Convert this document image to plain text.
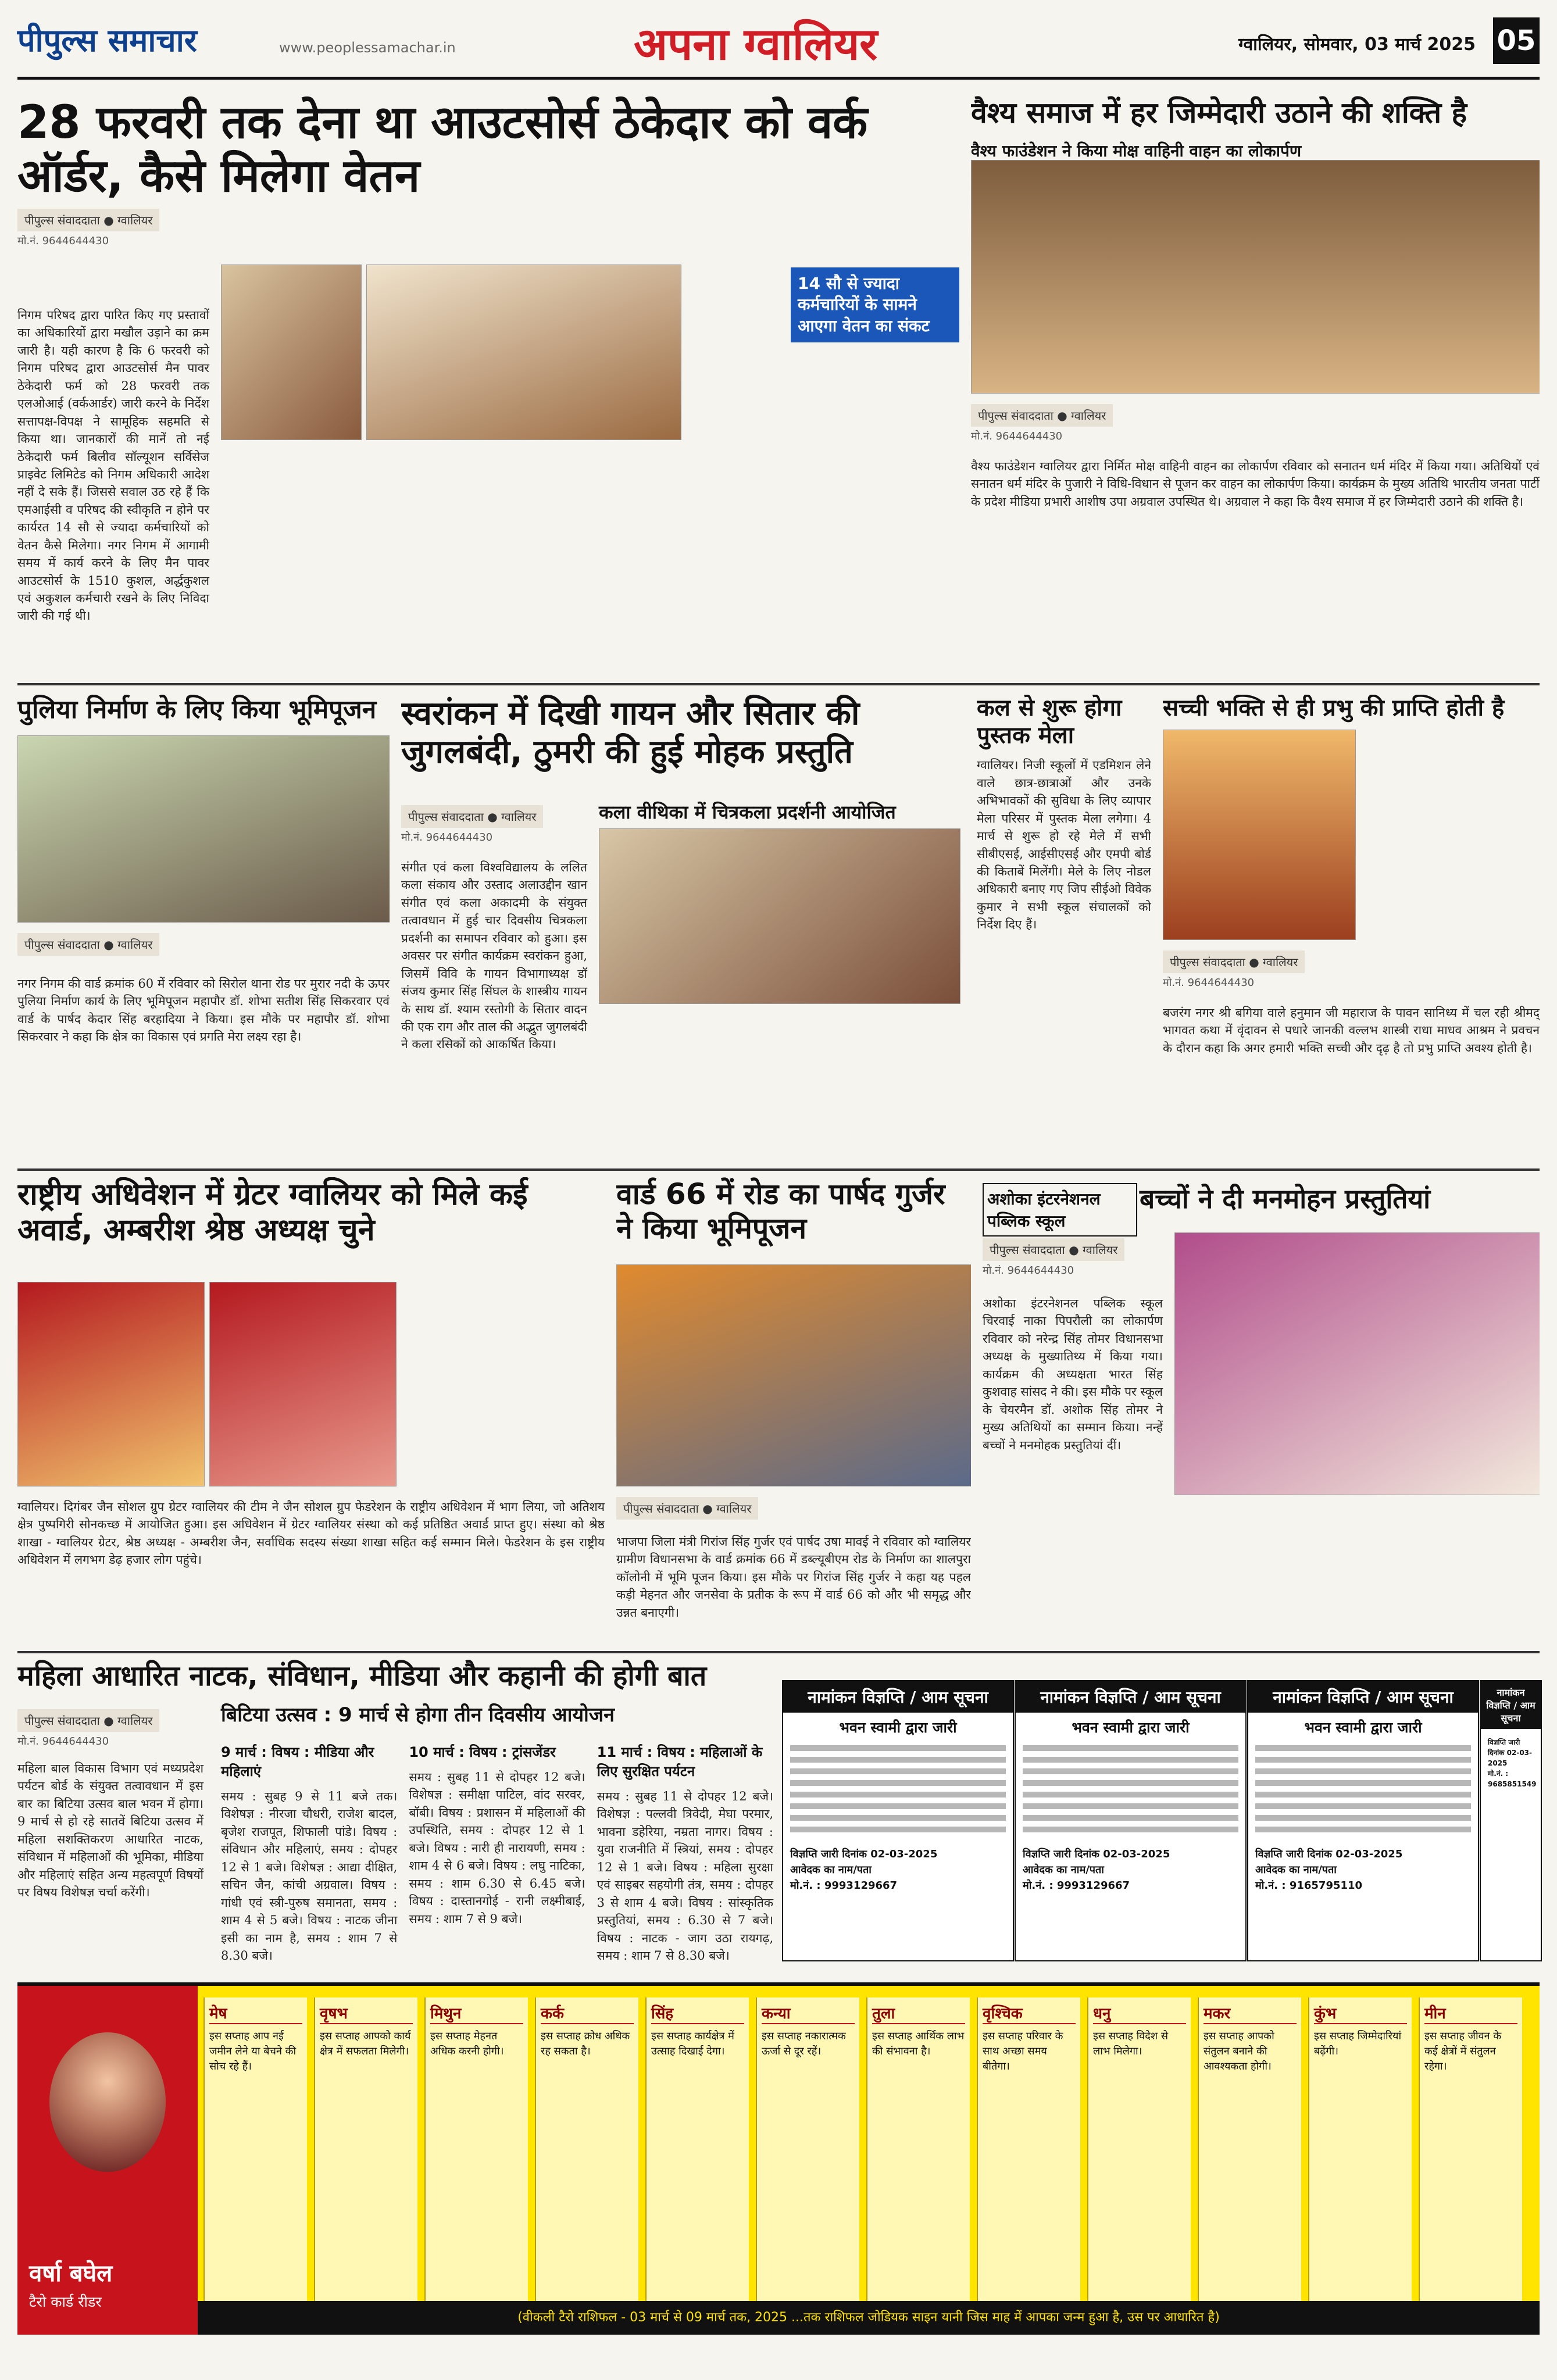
पीपुल्स समाचार	www.peoplessamachar.in	अपना ग्वालियर	ग्वालियर, सोमवार, 03 मार्च 2025 05
28 फरवरी तक देना था आउटसोर्स ठेकेदार को वर्क ऑर्डर, कैसे मिलेगा वेतन
पीपुल्स संवाददाता ● ग्वालियर
मो.नं. 9644644430

निगम परिषद द्वारा पारित किए गए प्रस्तावों का अधिकारियों द्वारा मखौल उड़ाने का क्रम जारी है। यही कारण है कि 6 फरवरी को निगम परिषद द्वारा आउटसोर्स मैन पावर ठेकेदारी फर्म को 28 फरवरी तक एलओआई (वर्कआर्डर) जारी करने के निर्देश सत्तापक्ष-विपक्ष ने सामूहिक सहमति से किया था। जानकारों की मानें तो नई ठेकेदारी फर्म बिलीव सॉल्यूशन सर्विसेज प्राइवेट लिमिटेड को निगम अधिकारी आदेश नहीं दे सके हैं। जिससे सवाल उठ रहे हैं कि एमआईसी व परिषद की स्वीकृति न होने पर कार्यरत 14 सौ से ज्यादा कर्मचारियों को वेतन कैसे मिलेगा। नगर निगम में आगामी समय में कार्य करने के लिए मैन पावर आउटसोर्स के 1510 कुशल, अर्द्धकुशल एवं अकुशल कर्मचारी रखने के लिए निविदा जारी की गई थी।

14 सौ से ज्यादा कर्मचारियों के सामने आएगा वेतन का संकट
वैश्य समाज में हर जिम्मेदारी उठाने की शक्ति है
वैश्य फाउंडेशन ने किया मोक्ष वाहिनी वाहन का लोकार्पण
पीपुल्स संवाददाता ● ग्वालियर
मो.नं. 9644644430

वैश्य फाउंडेशन ग्वालियर द्वारा निर्मित मोक्ष वाहिनी वाहन का लोकार्पण रविवार को सनातन धर्म मंदिर में किया गया। अतिथियों एवं सनातन धर्म मंदिर के पुजारी ने विधि-विधान से पूजन कर वाहन का लोकार्पण किया। कार्यक्रम के मुख्य अतिथि भारतीय जनता पार्टी के प्रदेश मीडिया प्रभारी आशीष उपा अग्रवाल उपस्थित थे। अग्रवाल ने कहा कि वैश्य समाज में हर जिम्मेदारी उठाने की शक्ति है।

पुलिया निर्माण के लिए किया भूमिपूजन
पीपुल्स संवाददाता ● ग्वालियर

नगर निगम की वार्ड क्रमांक 60 में रविवार को सिरोल थाना रोड पर मुरार नदी के ऊपर पुलिया निर्माण कार्य के लिए भूमिपूजन महापौर डॉ. शोभा सतीश सिंह सिकरवार एवं वार्ड के पार्षद केदार सिंह बरहादिया ने किया। इस मौके पर महापौर डॉ. शोभा सिकरवार ने कहा कि क्षेत्र का विकास एवं प्रगति मेरा लक्ष्य रहा है।

स्वरांकन में दिखी गायन और सितार की जुगलबंदी, ठुमरी की हुई मोहक प्रस्तुति
पीपुल्स संवाददाता ● ग्वालियर
मो.नं. 9644644430
कला वीथिका में चित्रकला प्रदर्शनी आयोजित

संगीत एवं कला विश्वविद्यालय के ललित कला संकाय और उस्ताद अलाउद्दीन खान संगीत एवं कला अकादमी के संयुक्त तत्वावधान में हुई चार दिवसीय चित्रकला प्रदर्शनी का समापन रविवार को हुआ। इस अवसर पर संगीत कार्यक्रम स्वरांकन हुआ, जिसमें विवि के गायन विभागाध्यक्ष डॉ संजय कुमार सिंह सिंघल के शास्त्रीय गायन के साथ डॉ. श्याम रस्तोगी के सितार वादन की एक राग और ताल की अद्भुत जुगलबंदी ने कला रसिकों को आकर्षित किया।

कल से शुरू होगा पुस्तक मेला

ग्वालियर। निजी स्कूलों में एडमिशन लेने वाले छात्र-छात्राओं और उनके अभिभावकों की सुविधा के लिए व्यापार मेला परिसर में पुस्तक मेला लगेगा। 4 मार्च से शुरू हो रहे मेले में सभी सीबीएसई, आईसीएसई और एमपी बोर्ड की किताबें मिलेंगी। मेले के लिए नोडल अधिकारी बनाए गए जिप सीईओ विवेक कुमार ने सभी स्कूल संचालकों को निर्देश दिए हैं।

सच्ची भक्ति से ही प्रभु की प्राप्ति होती है
पीपुल्स संवाददाता ● ग्वालियर
मो.नं. 9644644430

बजरंग नगर श्री बगिया वाले हनुमान जी महाराज के पावन सानिध्य में चल रही श्रीमद् भागवत कथा में वृंदावन से पधारे जानकी वल्लभ शास्त्री राधा माधव आश्रम ने प्रवचन के दौरान कहा कि अगर हमारी भक्ति सच्ची और दृढ़ है तो प्रभु प्राप्ति अवश्य होती है।

राष्ट्रीय अधिवेशन में ग्रेटर ग्वालियर को मिले कई अवार्ड, अम्बरीश श्रेष्ठ अध्यक्ष चुने

ग्वालियर। दिगंबर जैन सोशल ग्रुप ग्रेटर ग्वालियर की टीम ने जैन सोशल ग्रुप फेडरेशन के राष्ट्रीय अधिवेशन में भाग लिया, जो अतिशय क्षेत्र पुष्पगिरी सोनकच्छ में आयोजित हुआ। इस अधिवेशन में ग्रेटर ग्वालियर संस्था को कई प्रतिष्ठित अवार्ड प्राप्त हुए। संस्था को श्रेष्ठ शाखा - ग्वालियर ग्रेटर, श्रेष्ठ अध्यक्ष - अम्बरीश जैन, सर्वाधिक सदस्य संख्या शाखा सहित कई सम्मान मिले। फेडरेशन के इस राष्ट्रीय अधिवेशन में लगभग डेढ़ हजार लोग पहुंचे।

वार्ड 66 में रोड का पार्षद गुर्जर ने किया भूमिपूजन
पीपुल्स संवाददाता ● ग्वालियर

भाजपा जिला मंत्री गिरांज सिंह गुर्जर एवं पार्षद उषा मावई ने रविवार को ग्वालियर ग्रामीण विधानसभा के वार्ड क्रमांक 66 में डब्ल्यूबीएम रोड के निर्माण का शालपुरा कॉलोनी में भूमि पूजन किया। इस मौके पर गिरांज सिंह गुर्जर ने कहा यह पहल कड़ी मेहनत और जनसेवा के प्रतीक के रूप में वार्ड 66 को और भी समृद्ध और उन्नत बनाएगी।

अशोका इंटरनेशनल पब्लिक स्कूल
बच्चों ने दी मनमोहन प्रस्तुतियां
पीपुल्स संवाददाता ● ग्वालियर
मो.नं. 9644644430

अशोका इंटरनेशनल पब्लिक स्कूल चिरवाई नाका पिपरौली का लोकार्पण रविवार को नरेन्द्र सिंह तोमर विधानसभा अध्यक्ष के मुख्यातिथ्य में किया गया। कार्यक्रम की अध्यक्षता भारत सिंह कुशवाह सांसद ने की। इस मौके पर स्कूल के चेयरमैन डॉ. अशोक सिंह तोमर ने मुख्य अतिथियों का सम्मान किया। नन्हें बच्चों ने मनमोहक प्रस्तुतियां दीं।

महिला आधारित नाटक, संविधान, मीडिया और कहानी की होगी बात
पीपुल्स संवाददाता ● ग्वालियर
मो.नं. 9644644430
बिटिया उत्सव : 9 मार्च से होगा तीन दिवसीय आयोजन

महिला बाल विकास विभाग एवं मध्यप्रदेश पर्यटन बोर्ड के संयुक्त तत्वावधान में इस बार का बिटिया उत्सव बाल भवन में होगा। 9 मार्च से हो रहे सातवें बिटिया उत्सव में महिला सशक्तिकरण आधारित नाटक, संविधान में महिलाओं की भूमिका, मीडिया और महिलाएं सहित अन्य महत्वपूर्ण विषयों पर विषय विशेषज्ञ चर्चा करेंगी।

9 मार्च : विषय : मीडिया और महिलाएं

समय : सुबह 9 से 11 बजे तक। विशेषज्ञ : नीरजा चौधरी, राजेश बादल, बृजेश राजपूत, शिफाली पांडे। विषय : संविधान और महिलाएं, समय : दोपहर 12 से 1 बजे। विशेषज्ञ : आद्या दीक्षित, सचिन जैन, कांची अग्रवाल। विषय : गांधी एवं स्त्री-पुरुष समानता, समय : शाम 4 से 5 बजे। विषय : नाटक जीना इसी का नाम है, समय : शाम 7 से 8.30 बजे।

10 मार्च : विषय : ट्रांसजेंडर

समय : सुबह 11 से दोपहर 12 बजे। विशेषज्ञ : समीक्षा पाटिल, वांद सरवर, बॉबी। विषय : प्रशासन में महिलाओं की उपस्थिति, समय : दोपहर 12 से 1 बजे। विषय : नारी ही नारायणी, समय : शाम 4 से 6 बजे। विषय : लघु नाटिका, समय : शाम 6.30 से 6.45 बजे। विषय : दास्तानगोई - रानी लक्ष्मीबाई, समय : शाम 7 से 9 बजे।

11 मार्च : विषय : महिलाओं के लिए सुरक्षित पर्यटन

समय : सुबह 11 से दोपहर 12 बजे। विशेषज्ञ : पल्लवी त्रिवेदी, मेघा परमार, भावना डहेरिया, नम्रता नागर। विषय : युवा राजनीति में स्त्रियां, समय : दोपहर 12 से 1 बजे। विषय : महिला सुरक्षा एवं साइबर सहयोगी तंत्र, समय : दोपहर 3 से शाम 4 बजे। विषय : सांस्कृतिक प्रस्तुतियां, समय : 6.30 से 7 बजे। विषय : नाटक - जाग उठा रायगढ़, समय : शाम 7 से 8.30 बजे।

नामांकन विज्ञप्ति / आम सूचना
भवन स्वामी द्वारा जारी
विज्ञप्ति जारी दिनांक 02-03-2025
आवेदक का नाम/पता
मो.नं. : 9993129667
नामांकन विज्ञप्ति / आम सूचना
भवन स्वामी द्वारा जारी
विज्ञप्ति जारी दिनांक 02-03-2025
आवेदक का नाम/पता
मो.नं. : 9993129667
नामांकन विज्ञप्ति / आम सूचना
भवन स्वामी द्वारा जारी
विज्ञप्ति जारी दिनांक 02-03-2025
आवेदक का नाम/पता
मो.नं. : 9165795110
नामांकन विज्ञप्ति / आम सूचना
विज्ञप्ति जारी दिनांक 02-03-2025
मो.नं. : 9685851549
वर्षा बघेल
टैरो कार्ड रीडर
मेष
इस सप्ताह आप नई जमीन लेने या बेचने की सोच रहे हैं।
वृषभ
इस सप्ताह आपको कार्य क्षेत्र में सफलता मिलेगी।
मिथुन
इस सप्ताह मेहनत अधिक करनी होगी।
कर्क
इस सप्ताह क्रोध अधिक रह सकता है।
सिंह
इस सप्ताह कार्यक्षेत्र में उत्साह दिखाई देगा।
कन्या
इस सप्ताह नकारात्मक ऊर्जा से दूर रहें।
तुला
इस सप्ताह आर्थिक लाभ की संभावना है।
वृश्चिक
इस सप्ताह परिवार के साथ अच्छा समय बीतेगा।
धनु
इस सप्ताह विदेश से लाभ मिलेगा।
मकर
इस सप्ताह आपको संतुलन बनाने की आवश्यकता होगी।
कुंभ
इस सप्ताह जिम्मेदारियां बढ़ेंगी।
मीन
इस सप्ताह जीवन के कई क्षेत्रों में संतुलन रहेगा।
(वीकली टैरो राशिफल - 03 मार्च से 09 मार्च तक, 2025 ...तक राशिफल जोडियक साइन यानी जिस माह में आपका जन्म हुआ है, उस पर आधारित है)
